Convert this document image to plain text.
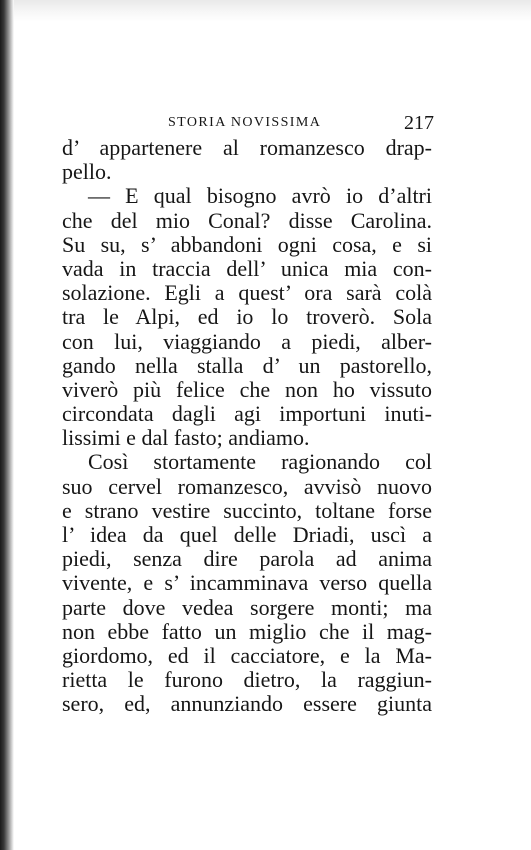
STORIA NOVISSIMA	217
d’ appartenere al romanzesco drap-
pello.
— E qual bisogno avrò io d’altri
che del mio Conal? disse Carolina.
Su su, s’ abbandoni ogni cosa, e si
vada in traccia dell’ unica mia con-
solazione. Egli a quest’ ora sarà colà
tra le Alpi, ed io lo troverò. Sola
con lui, viaggiando a piedi, alber-
gando nella stalla d’ un pastorello,
viverò più felice che non ho vissuto
circondata dagli agi importuni inuti-
lissimi e dal fasto; andiamo.
Così stortamente ragionando col
suo cervel romanzesco, avvisò nuovo
e strano vestire succinto, toltane forse
l’ idea da quel delle Driadi, uscì a
piedi, senza dire parola ad anima
vivente, e s’ incamminava verso quella
parte dove vedea sorgere monti; ma
non ebbe fatto un miglio che il mag-
giordomo, ed il cacciatore, e la Ma-
rietta le furono dietro, la raggiun-
sero, ed, annunziando essere giunta
